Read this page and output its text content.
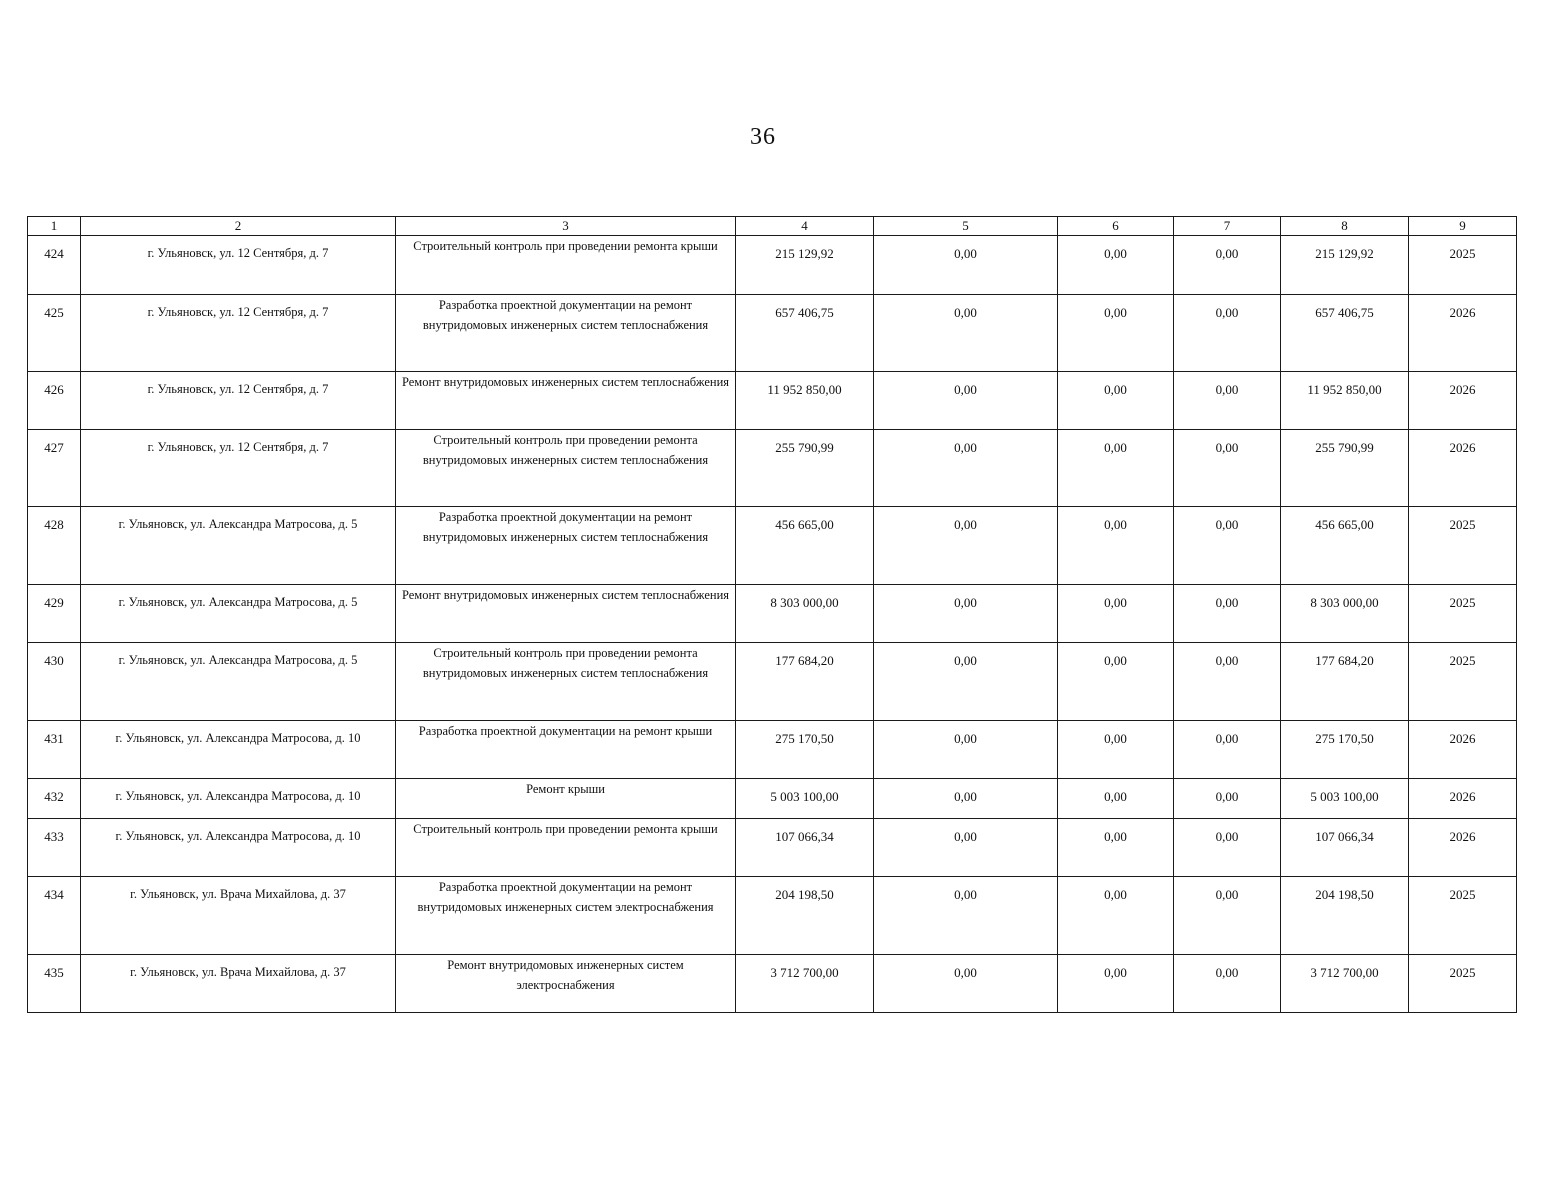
36
1	2	3	4	5	6	7	8	9
424	г. Ульяновск, ул. 12 Сентября, д. 7	Строительный контроль при проведении ремонта крыши	215 129,92	0,00	0,00	0,00	215 129,92	2025
425	г. Ульяновск, ул. 12 Сентября, д. 7	Разработка проектной документации на ремонт внутридомовых инженерных систем теплоснабжения	657 406,75	0,00	0,00	0,00	657 406,75	2026
426	г. Ульяновск, ул. 12 Сентября, д. 7	Ремонт внутридомовых инженерных систем теплоснабжения	11 952 850,00	0,00	0,00	0,00	11 952 850,00	2026
427	г. Ульяновск, ул. 12 Сентября, д. 7	Строительный контроль при проведении ремонта внутридомовых инженерных систем теплоснабжения	255 790,99	0,00	0,00	0,00	255 790,99	2026
428	г. Ульяновск, ул. Александра Матросова, д. 5	Разработка проектной документации на ремонт внутридомовых инженерных систем теплоснабжения	456 665,00	0,00	0,00	0,00	456 665,00	2025
429	г. Ульяновск, ул. Александра Матросова, д. 5	Ремонт внутридомовых инженерных систем теплоснабжения	8 303 000,00	0,00	0,00	0,00	8 303 000,00	2025
430	г. Ульяновск, ул. Александра Матросова, д. 5	Строительный контроль при проведении ремонта внутридомовых инженерных систем теплоснабжения	177 684,20	0,00	0,00	0,00	177 684,20	2025
431	г. Ульяновск, ул. Александра Матросова, д. 10	Разработка проектной документации на ремонт крыши	275 170,50	0,00	0,00	0,00	275 170,50	2026
432	г. Ульяновск, ул. Александра Матросова, д. 10	Ремонт крыши	5 003 100,00	0,00	0,00	0,00	5 003 100,00	2026
433	г. Ульяновск, ул. Александра Матросова, д. 10	Строительный контроль при проведении ремонта крыши	107 066,34	0,00	0,00	0,00	107 066,34	2026
434	г. Ульяновск, ул. Врача Михайлова, д. 37	Разработка проектной документации на ремонт внутридомовых инженерных систем электроснабжения	204 198,50	0,00	0,00	0,00	204 198,50	2025
435	г. Ульяновск, ул. Врача Михайлова, д. 37	Ремонт внутридомовых инженерных систем электроснабжения	3 712 700,00	0,00	0,00	0,00	3 712 700,00	2025
